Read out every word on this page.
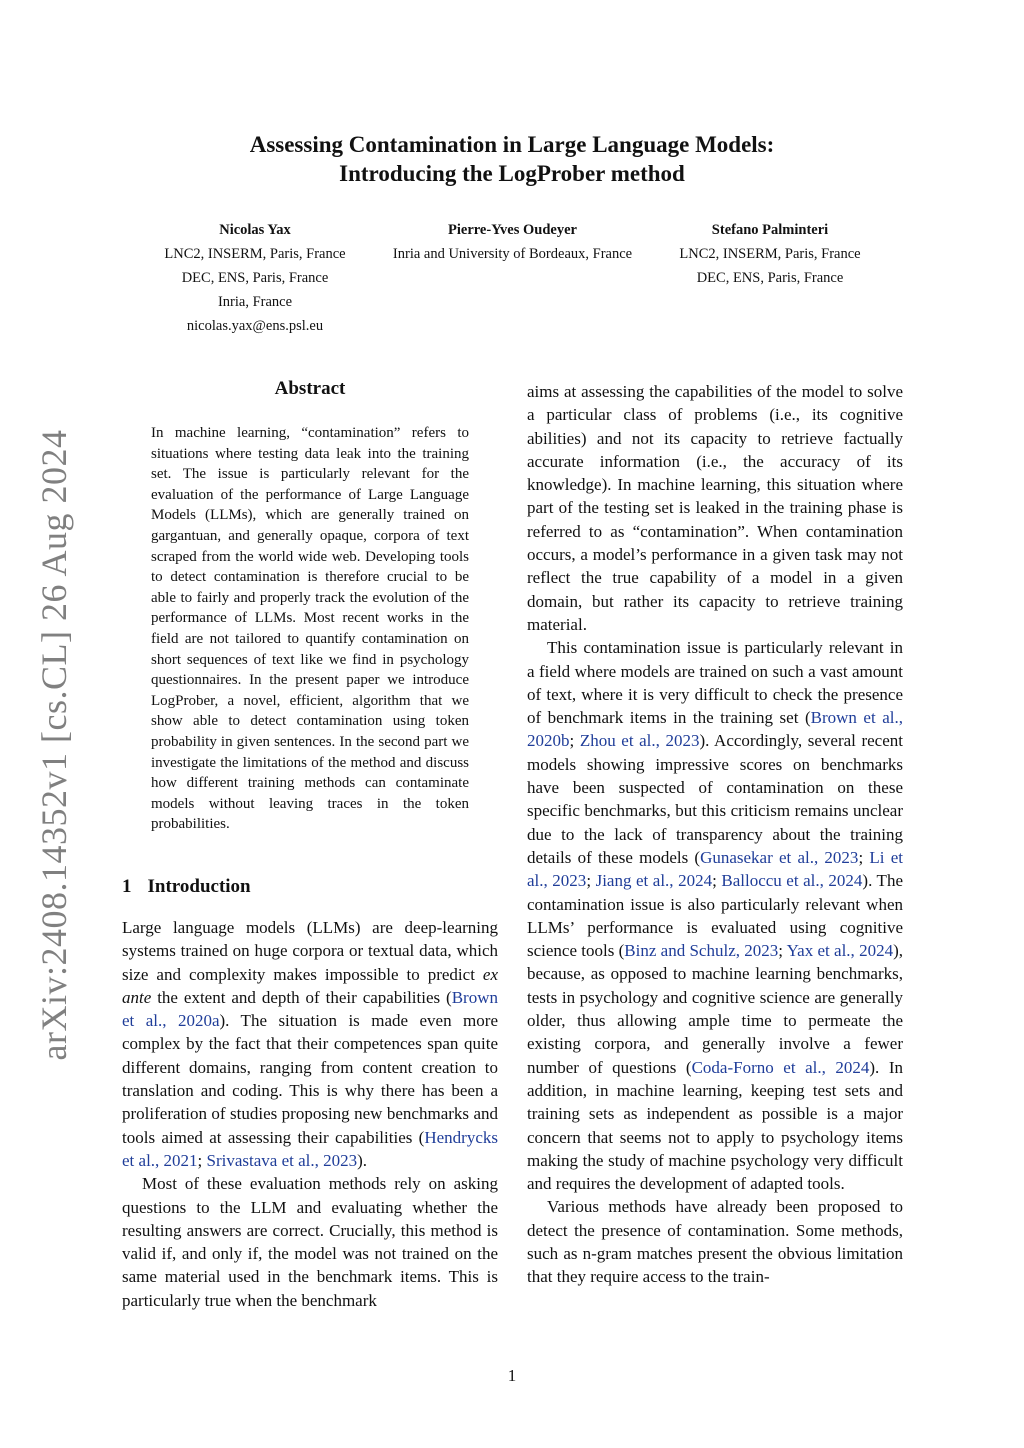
Assessing Contamination in Large Language Models:
Introducing the LogProber method
Nicolas Yax
LNC2, INSERM, Paris, France
DEC, ENS, Paris, France
Inria, France
nicolas.yax@ens.psl.eu
Pierre-Yves Oudeyer
Inria and University of Bordeaux, France
Stefano Palminteri
LNC2, INSERM, Paris, France
DEC, ENS, Paris, France
arXiv:2408.14352v1 [cs.CL] 26 Aug 2024
Abstract
In machine learning, “contamination” refers to situations where testing data leak into the training set. The issue is particularly relevant for the evaluation of the performance of Large Language Models (LLMs), which are generally trained on gargantuan, and generally opaque, corpora of text scraped from the world wide web. Developing tools to detect contamination is therefore crucial to be able to fairly and properly track the evolution of the performance of LLMs. Most recent works in the field are not tailored to quantify contamination on short sequences of text like we find in psychology questionnaires. In the present paper we introduce LogProber, a novel, efficient, algorithm that we show able to detect contamination using token probability in given sentences. In the second part we investigate the limitations of the method and discuss how different training methods can contaminate models without leaving traces in the token probabilities.
1 Introduction

Large language models (LLMs) are deep-learning systems trained on huge corpora or textual data, which size and complexity makes impossible to predict ex ante the extent and depth of their capabilities (Brown et al., 2020a). The situation is made even more complex by the fact that their competences span quite different domains, ranging from content creation to translation and coding. This is why there has been a proliferation of studies proposing new benchmarks and tools aimed at assessing their capabilities (Hendrycks et al., 2021; Srivastava et al., 2023).

Most of these evaluation methods rely on asking questions to the LLM and evaluating whether the resulting answers are correct. Crucially, this method is valid if, and only if, the model was not trained on the same material used in the benchmark items. This is particularly true when the benchmark

aims at assessing the capabilities of the model to solve a particular class of problems (i.e., its cognitive abilities) and not its capacity to retrieve factually accurate information (i.e., the accuracy of its knowledge). In machine learning, this situation where part of the testing set is leaked in the training phase is referred to as “contamination”. When contamination occurs, a model’s performance in a given task may not reflect the true capability of a model in a given domain, but rather its capacity to retrieve training material.

This contamination issue is particularly relevant in a field where models are trained on such a vast amount of text, where it is very difficult to check the presence of benchmark items in the training set (Brown et al., 2020b; Zhou et al., 2023). Accordingly, several recent models showing impressive scores on benchmarks have been suspected of contamination on these specific benchmarks, but this criticism remains unclear due to the lack of transparency about the training details of these models (Gunasekar et al., 2023; Li et al., 2023; Jiang et al., 2024; Balloccu et al., 2024). The contamination issue is also particularly relevant when LLMs’ performance is evaluated using cognitive science tools (Binz and Schulz, 2023; Yax et al., 2024), because, as opposed to machine learning benchmarks, tests in psychology and cognitive science are generally older, thus allowing ample time to permeate the existing corpora, and generally involve a fewer number of questions (Coda-Forno et al., 2024). In addition, in machine learning, keeping test sets and training sets as independent as possible is a major concern that seems not to apply to psychology items making the study of machine psychology very difficult and requires the development of adapted tools.

Various methods have already been proposed to detect the presence of contamination. Some methods, such as n-gram matches present the obvious limitation that they require access to the train-

1
